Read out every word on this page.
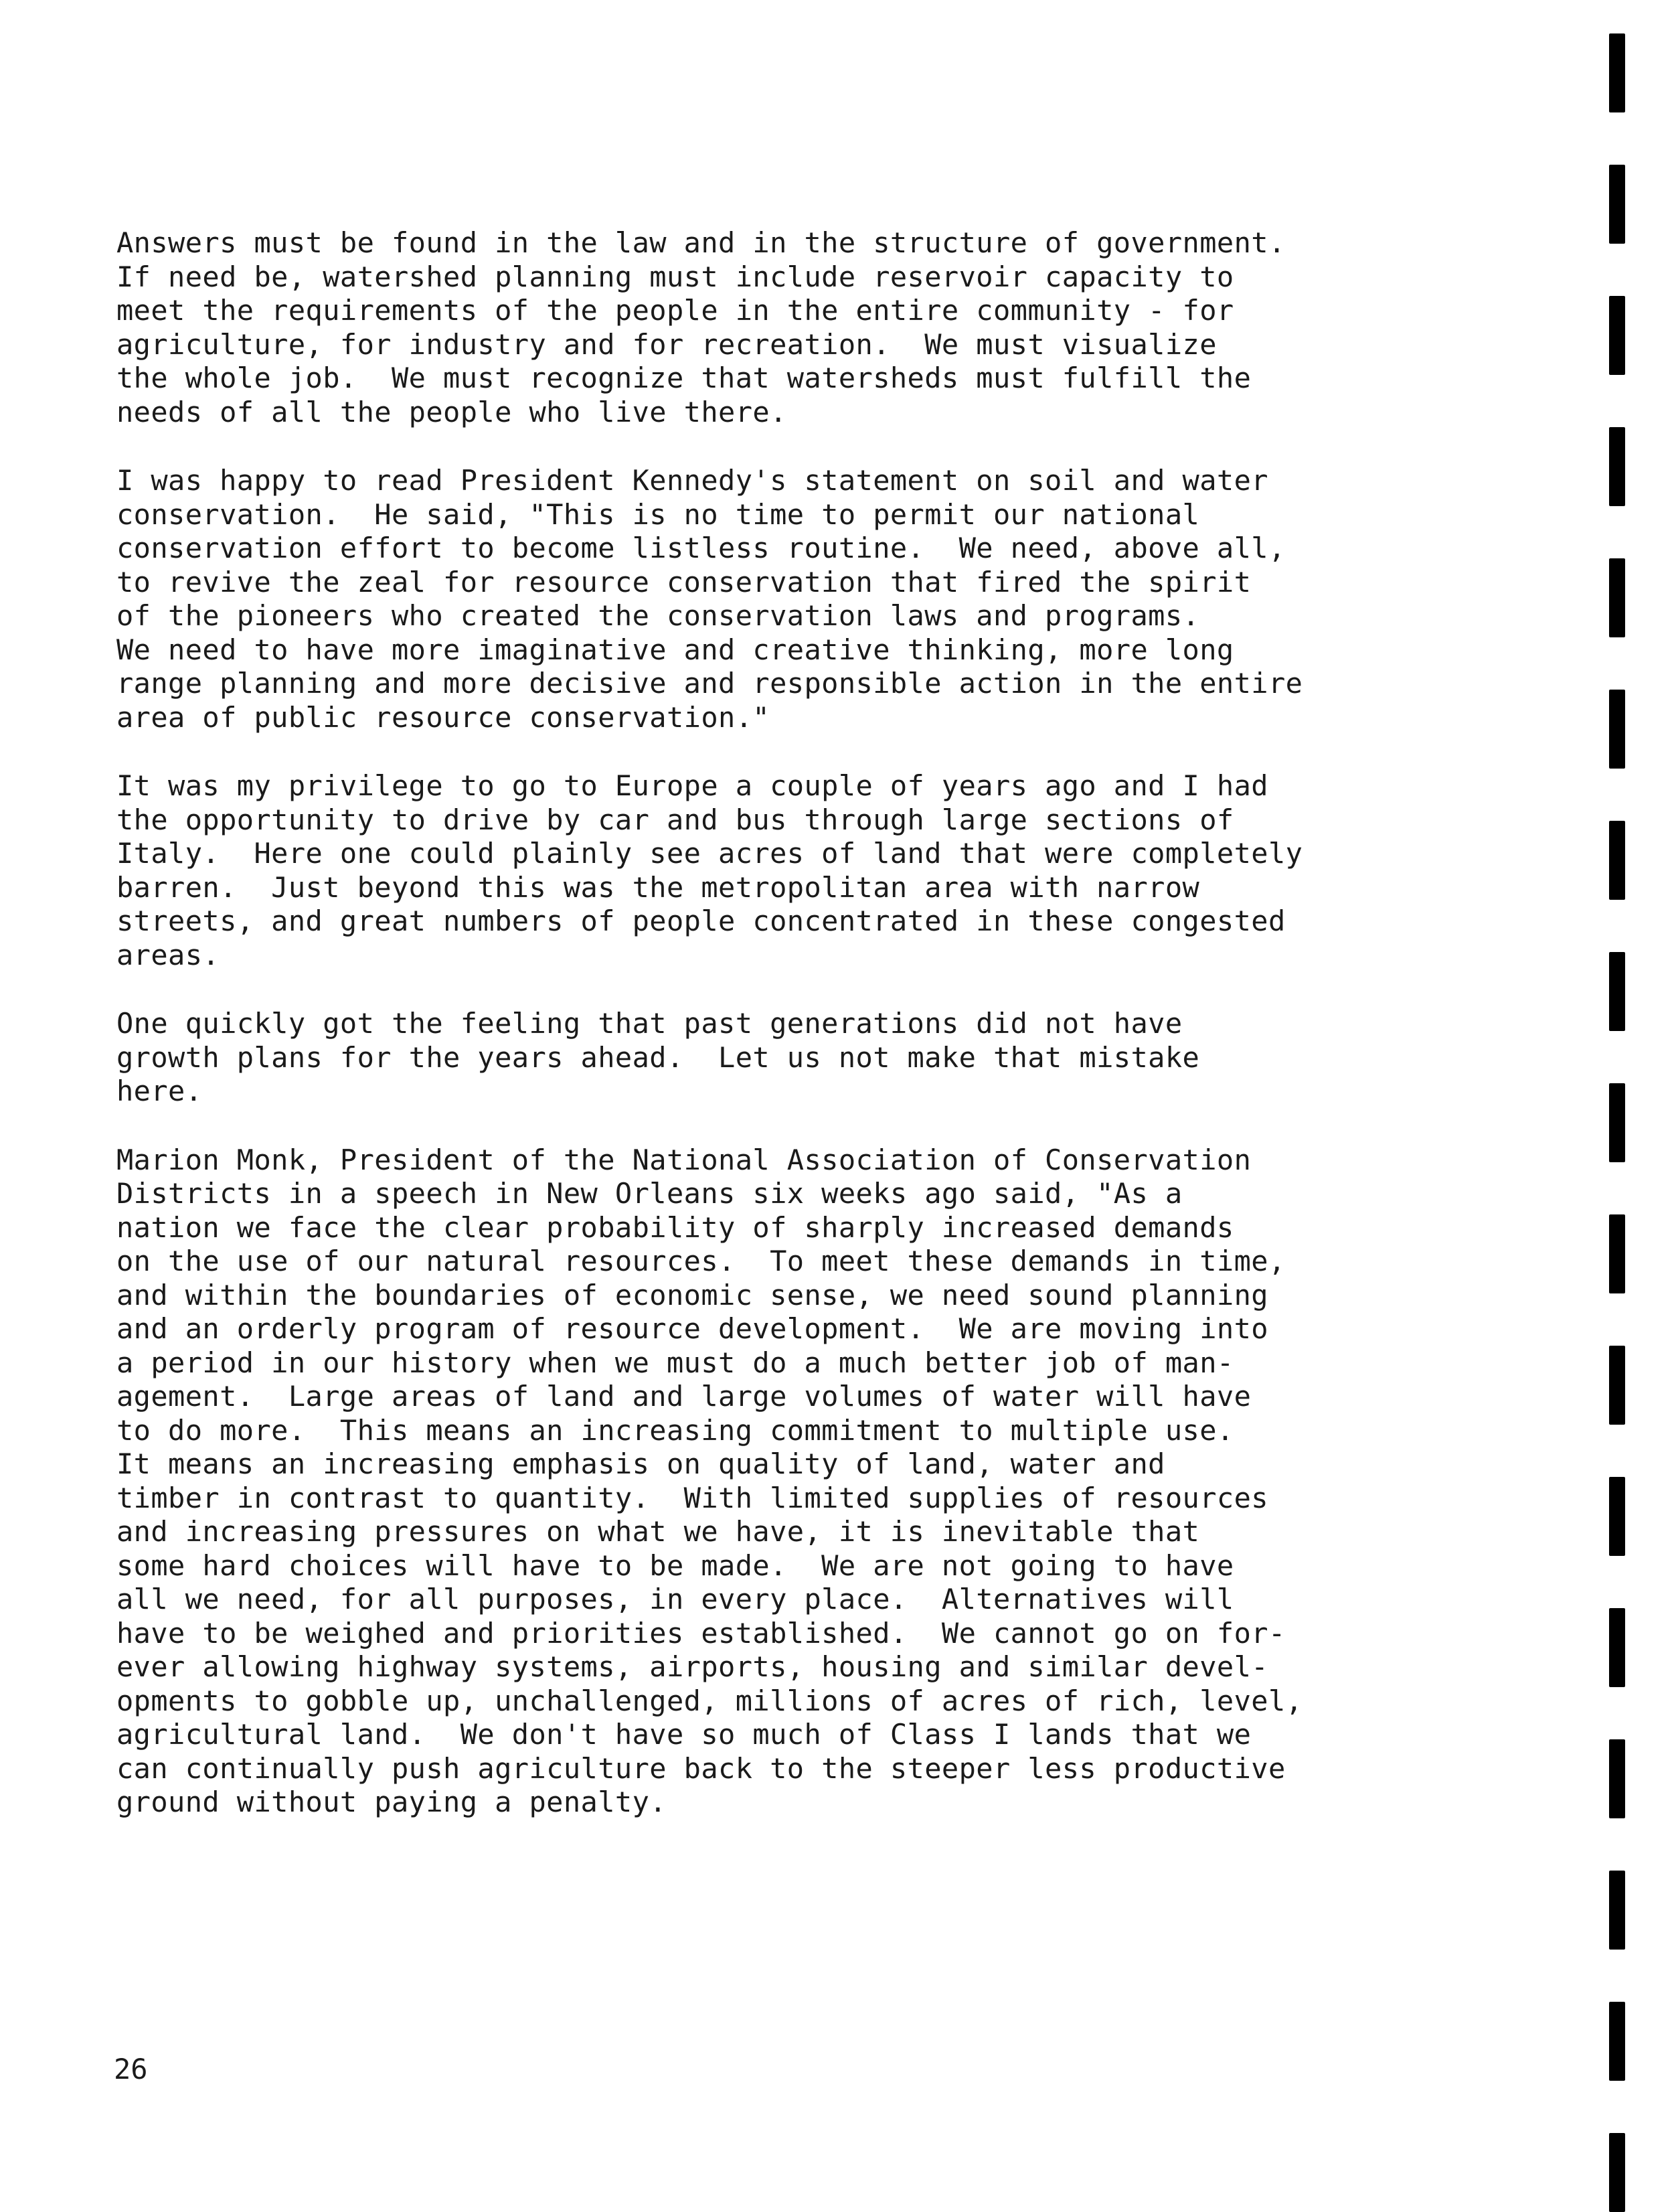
Answers must be found in the law and in the structure of government.
If need be, watershed planning must include reservoir capacity to
meet the requirements of the people in the entire community - for
agriculture, for industry and for recreation.  We must visualize
the whole job.  We must recognize that watersheds must fulfill the
needs of all the people who live there.

I was happy to read President Kennedy's statement on soil and water
conservation.  He said, "This is no time to permit our national
conservation effort to become listless routine.  We need, above all,
to revive the zeal for resource conservation that fired the spirit
of the pioneers who created the conservation laws and programs.
We need to have more imaginative and creative thinking, more long
range planning and more decisive and responsible action in the entire
area of public resource conservation."

It was my privilege to go to Europe a couple of years ago and I had
the opportunity to drive by car and bus through large sections of
Italy.  Here one could plainly see acres of land that were completely
barren.  Just beyond this was the metropolitan area with narrow
streets, and great numbers of people concentrated in these congested
areas.

One quickly got the feeling that past generations did not have
growth plans for the years ahead.  Let us not make that mistake
here.

Marion Monk, President of the National Association of Conservation
Districts in a speech in New Orleans six weeks ago said, "As a
nation we face the clear probability of sharply increased demands
on the use of our natural resources.  To meet these demands in time,
and within the boundaries of economic sense, we need sound planning
and an orderly program of resource development.  We are moving into
a period in our history when we must do a much better job of man-
agement.  Large areas of land and large volumes of water will have
to do more.  This means an increasing commitment to multiple use.
It means an increasing emphasis on quality of land, water and
timber in contrast to quantity.  With limited supplies of resources
and increasing pressures on what we have, it is inevitable that
some hard choices will have to be made.  We are not going to have
all we need, for all purposes, in every place.  Alternatives will
have to be weighed and priorities established.  We cannot go on for-
ever allowing highway systems, airports, housing and similar devel-
opments to gobble up, unchallenged, millions of acres of rich, level,
agricultural land.  We don't have so much of Class I lands that we
can continually push agriculture back to the steeper less productive
ground without paying a penalty.

26
